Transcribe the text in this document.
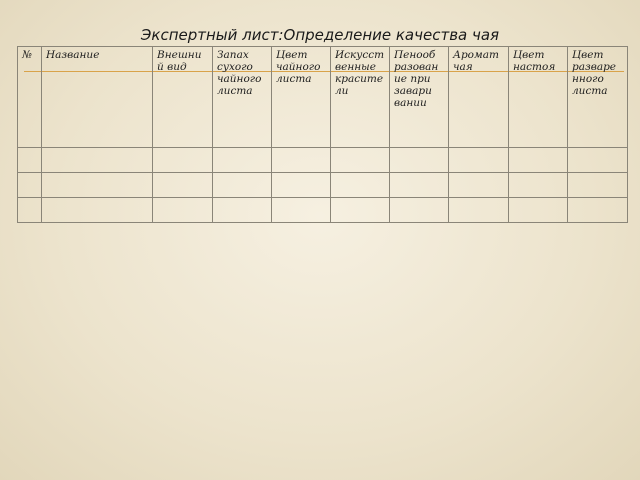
Экспертный лист:Определение качества чая
№	Название	Внешни й вид	Запах сухого чайного листа	Цвет чайного листа	Искусст венные красите ли	Пенооб разован ие при завари вании	Аромат чая	Цвет настоя	Цвет развaре нного листа
